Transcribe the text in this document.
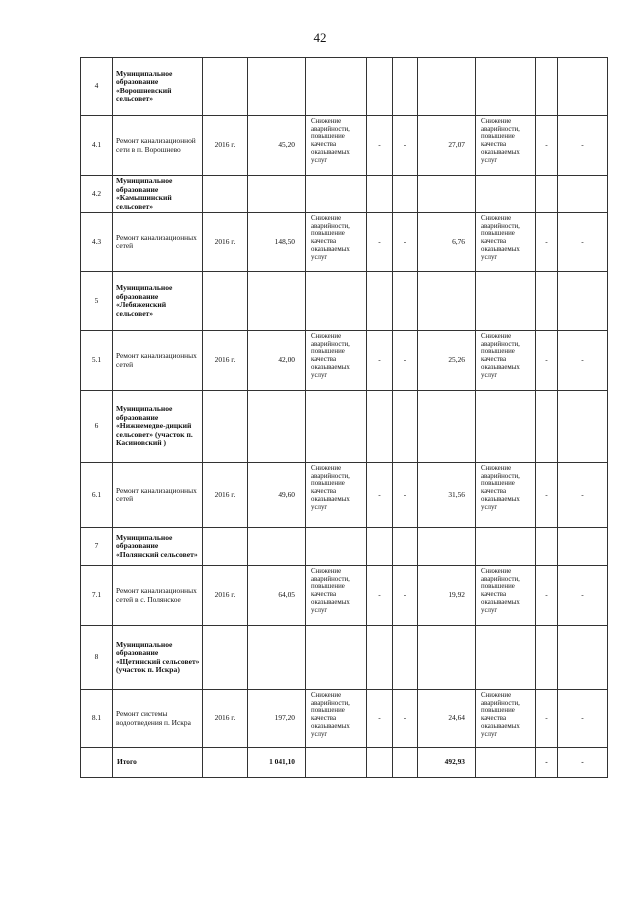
42
4	Муниципальное образование «Ворошневский сельсовет»									
4.1	Ремонт канализационной сети в п. Ворошнево	2016 г.	45,20	Снижение аварийности, повышение качества оказываемых услуг	-	-	27,07	Снижение аварийности, повышение качества оказываемых услуг	-	-
4.2	Муниципальное образование «Камышинский сельсовет»									
4.3	Ремонт канализационных сетей	2016 г.	148,50	Снижение аварийности, повышение качества оказываемых услуг	-	-	6,76	Снижение аварийности, повышение качества оказываемых услуг	-	-
5	Муниципальное образование «Лебяженский сельсовет»									
5.1	Ремонт канализационных сетей	2016 г.	42,00	Снижение аварийности, повышение качества оказываемых услуг	-	-	25,26	Снижение аварийности, повышение качества оказываемых услуг	-	-
6	Муниципальное образование «Нижнемедве-дицкий сельсовет» (участок п. Касиновский )									
6.1	Ремонт канализационных сетей	2016 г.	49,60	Снижение аварийности, повышение качества оказываемых услуг	-	-	31,56	Снижение аварийности, повышение качества оказываемых услуг	-	-
7	Муниципальное образование «Полянский сельсовет»									
7.1	Ремонт канализационных сетей в с. Полянское	2016 г.	64,05	Снижение аварийности, повышение качества оказываемых услуг	-	-	19,92	Снижение аварийности, повышение качества оказываемых услуг	-	-
8	Муниципальное образование «Щетинский сельсовет» (участок п. Искра)									
8.1	Ремонт системы водоотведения п. Искра	2016 г.	197,20	Снижение аварийности, повышение качества оказываемых услуг	-	-	24,64	Снижение аварийности, повышение качества оказываемых услуг	-	-
	Итого		1 041,10				492,93		-	-
